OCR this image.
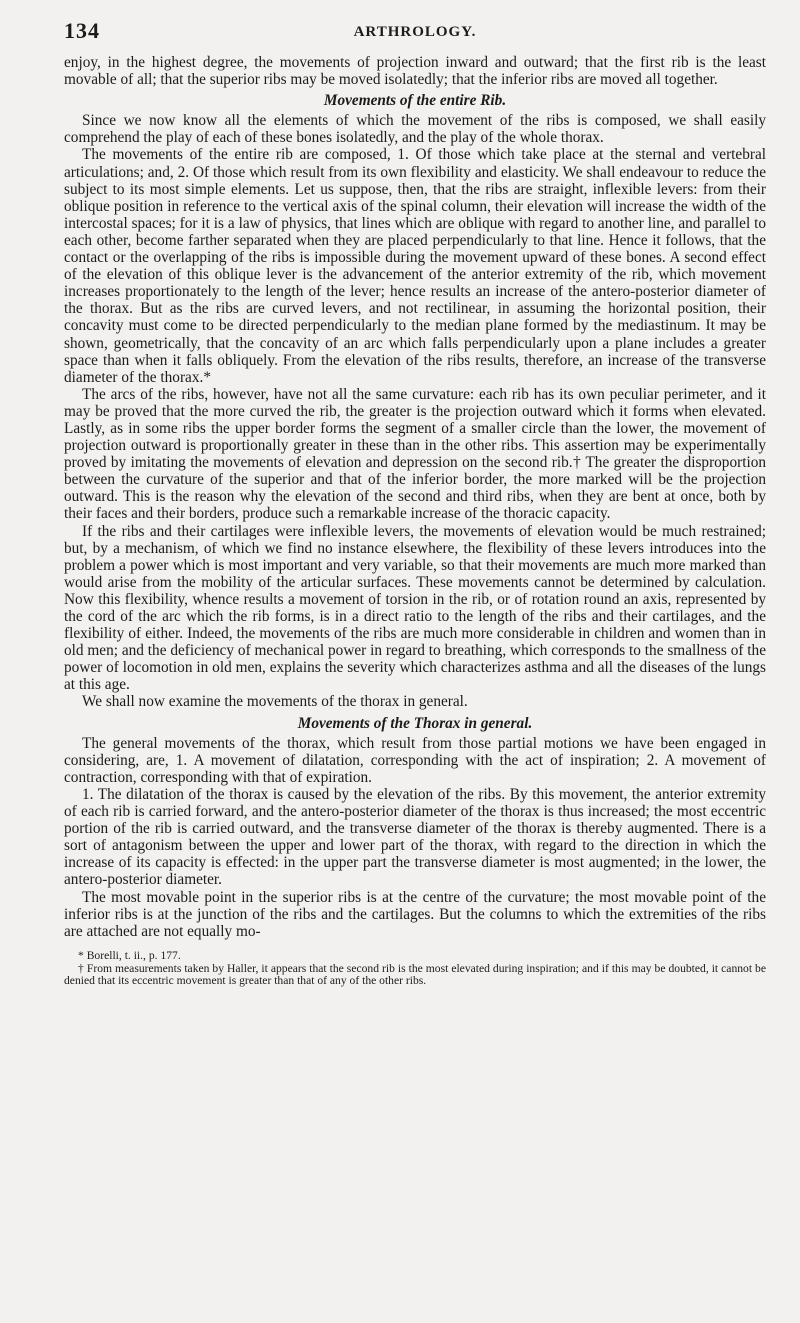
134	ARTHROLOGY.

enjoy, in the highest degree, the movements of projection inward and outward; that the first rib is the least movable of all; that the superior ribs may be moved isolatedly; that the inferior ribs are moved all together.

Movements of the entire Rib.

Since we now know all the elements of which the movement of the ribs is composed, we shall easily comprehend the play of each of these bones isolatedly, and the play of the whole thorax.

The movements of the entire rib are composed, 1. Of those which take place at the sternal and vertebral articulations; and, 2. Of those which result from its own flexibility and elasticity. We shall endeavour to reduce the subject to its most simple elements. Let us suppose, then, that the ribs are straight, inflexible levers: from their oblique position in reference to the vertical axis of the spinal column, their elevation will increase the width of the intercostal spaces; for it is a law of physics, that lines which are oblique with regard to another line, and parallel to each other, become farther separated when they are placed perpendicularly to that line. Hence it follows, that the contact or the overlapping of the ribs is impossible during the movement upward of these bones. A second effect of the elevation of this oblique lever is the advancement of the anterior extremity of the rib, which movement increases proportionately to the length of the lever; hence results an increase of the antero-posterior diameter of the thorax. But as the ribs are curved levers, and not rectilinear, in assuming the horizontal position, their concavity must come to be directed perpendicularly to the median plane formed by the mediastinum. It may be shown, geometrically, that the concavity of an arc which falls perpendicularly upon a plane includes a greater space than when it falls obliquely. From the elevation of the ribs results, therefore, an increase of the transverse diameter of the thorax.*

The arcs of the ribs, however, have not all the same curvature: each rib has its own peculiar perimeter, and it may be proved that the more curved the rib, the greater is the projection outward which it forms when elevated. Lastly, as in some ribs the upper border forms the segment of a smaller circle than the lower, the movement of projection outward is proportionally greater in these than in the other ribs. This assertion may be experimentally proved by imitating the movements of elevation and depression on the second rib.† The greater the disproportion between the curvature of the superior and that of the inferior border, the more marked will be the projection outward. This is the reason why the elevation of the second and third ribs, when they are bent at once, both by their faces and their borders, produce such a remarkable increase of the thoracic capacity.

If the ribs and their cartilages were inflexible levers, the movements of elevation would be much restrained; but, by a mechanism, of which we find no instance elsewhere, the flexibility of these levers introduces into the problem a power which is most important and very variable, so that their movements are much more marked than would arise from the mobility of the articular surfaces. These movements cannot be determined by calculation. Now this flexibility, whence results a movement of torsion in the rib, or of rotation round an axis, represented by the cord of the arc which the rib forms, is in a direct ratio to the length of the ribs and their cartilages, and the flexibility of either. Indeed, the movements of the ribs are much more considerable in children and women than in old men; and the deficiency of mechanical power in regard to breathing, which corresponds to the smallness of the power of locomotion in old men, explains the severity which characterizes asthma and all the diseases of the lungs at this age.

We shall now examine the movements of the thorax in general.

Movements of the Thorax in general.

The general movements of the thorax, which result from those partial motions we have been engaged in considering, are, 1. A movement of dilatation, corresponding with the act of inspiration; 2. A movement of contraction, corresponding with that of expiration.

1. The dilatation of the thorax is caused by the elevation of the ribs. By this movement, the anterior extremity of each rib is carried forward, and the antero-posterior diameter of the thorax is thus increased; the most eccentric portion of the rib is carried outward, and the transverse diameter of the thorax is thereby augmented. There is a sort of antagonism between the upper and lower part of the thorax, with regard to the direction in which the increase of its capacity is effected: in the upper part the transverse diameter is most augmented; in the lower, the antero-posterior diameter.

The most movable point in the superior ribs is at the centre of the curvature; the most movable point of the inferior ribs is at the junction of the ribs and the cartilages. But the columns to which the extremities of the ribs are attached are not equally mo-

* Borelli, t. ii., p. 177.

† From measurements taken by Haller, it appears that the second rib is the most elevated during inspiration; and if this may be doubted, it cannot be denied that its eccentric movement is greater than that of any of the other ribs.
